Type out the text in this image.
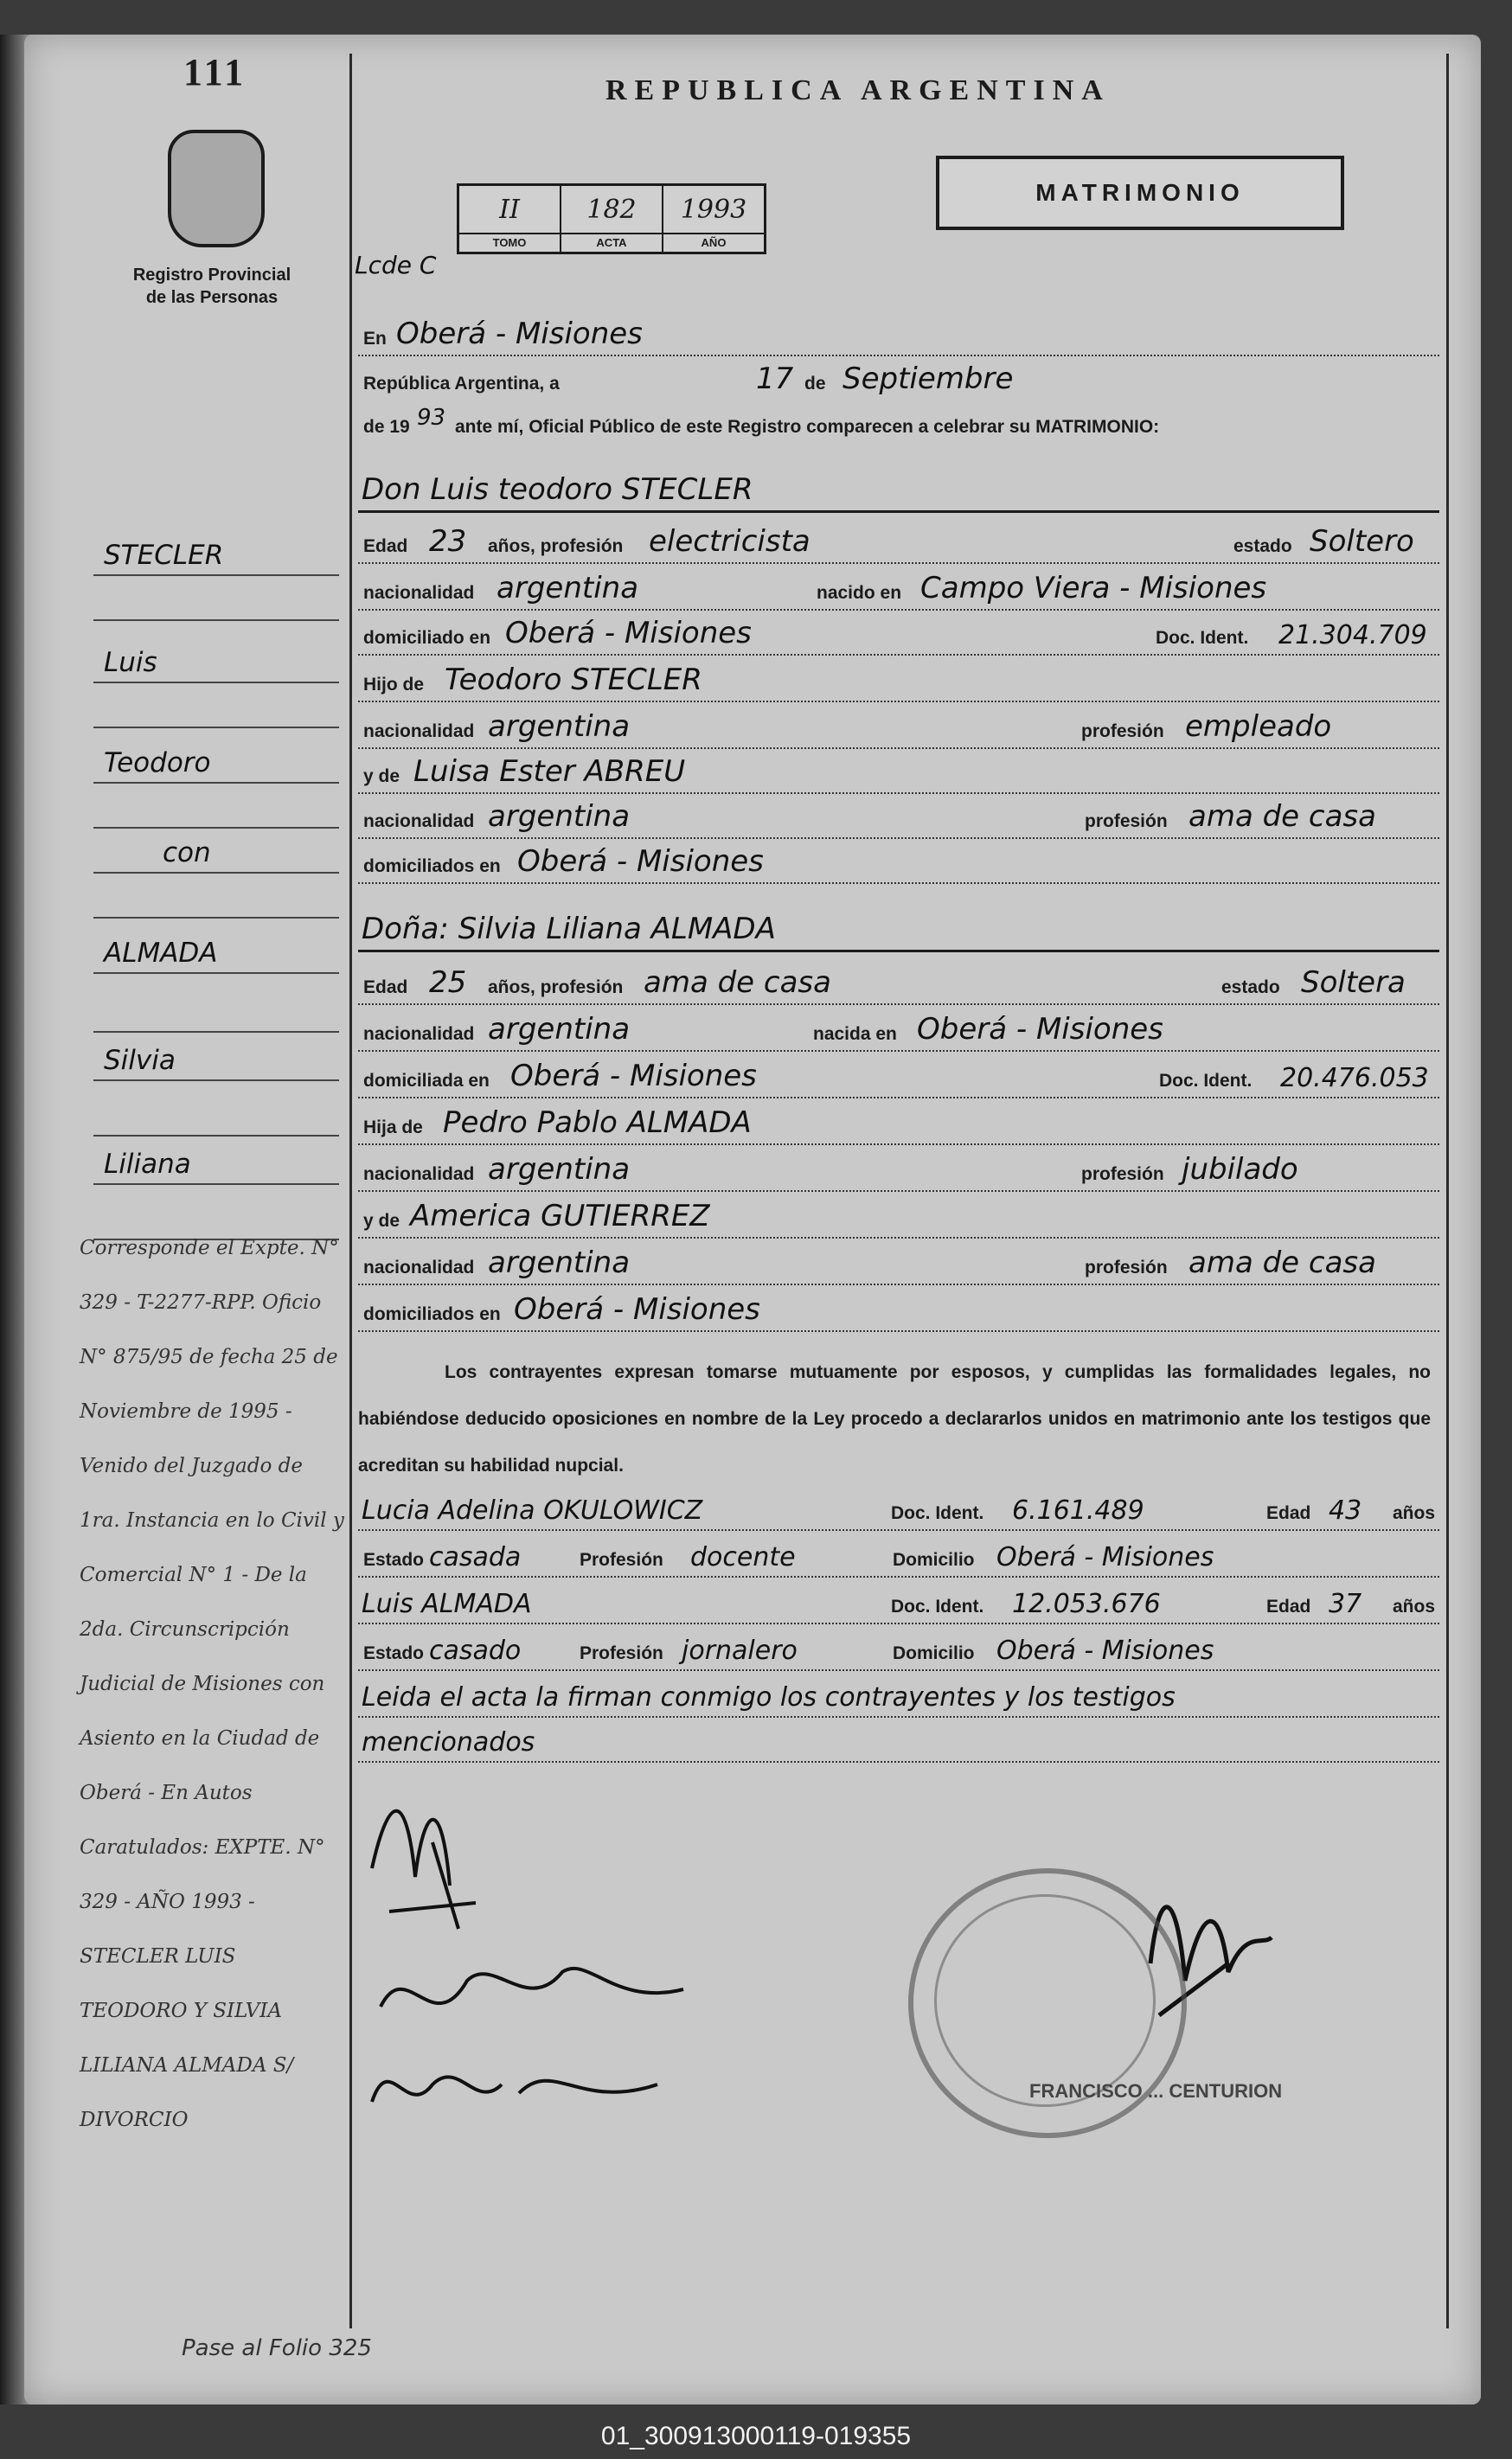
111
Registro Provincial
de las Personas
REPUBLICA ARGENTINA
MATRIMONIO
II
TOMO
182
ACTA
1993
AÑO
Lcde C
En Oberá - Misiones
República Argentina, a	17 de Septiembre
de 19 93 ante mí, Oficial Público de este Registro comparecen a celebrar su MATRIMONIO:
Don Luis teodoro STECLER
Edad 23 años, profesión electricista	estado Soltero
nacionalidad argentina	nacido en Campo Viera - Misiones
domiciliado en Oberá - Misiones	Doc. Ident. 21.304.709
Hijo de Teodoro STECLER
nacionalidad argentina	profesión empleado
y de Luisa Ester ABREU
nacionalidad argentina	profesión ama de casa
domiciliados en Oberá - Misiones
Doña: Silvia Liliana ALMADA
Edad 25 años, profesión ama de casa	estado Soltera
nacionalidad argentina	nacida en Oberá - Misiones
domiciliada en Oberá - Misiones	Doc. Ident. 20.476.053
Hija de Pedro Pablo ALMADA
nacionalidad argentina	profesión jubilado
y de America GUTIERREZ
nacionalidad argentina	profesión ama de casa
domiciliados en Oberá - Misiones
Los contrayentes expresan tomarse mutuamente por esposos, y cumplidas las formalidades legales, no habiéndose deducido oposiciones en nombre de la Ley procedo a declararlos unidos en matrimonio ante los testigos que acreditan su habilidad nupcial.
Lucia Adelina OKULOWICZ	Doc. Ident. 6.161.489	Edad 43 años
Estado casada	Profesión docente	Domicilio Oberá - Misiones
Luis ALMADA	Doc. Ident. 12.053.676	Edad 37 años
Estado casado	Profesión jornalero	Domicilio Oberá - Misiones
Leida el acta la firman conmigo los contrayentes y los testigos
mencionados
FRANCISCO ... CENTURION
STECLER
Luis
Teodoro
con
ALMADA
Silvia
Liliana
Corresponde el Expte. N° 329 - T-2277-RPP. Oficio N° 875/95 de fecha 25 de Noviembre de 1995 - Venido del Juzgado de 1ra. Instancia en lo Civil y Comercial N° 1 - De la 2da. Circunscripción Judicial de Misiones con Asiento en la Ciudad de Oberá - En Autos Caratulados: EXPTE. N° 329 - AÑO 1993 - STECLER LUIS TEODORO Y SILVIA LILIANA ALMADA S/ DIVORCIO
Pase al Folio 325
01_300913000119-019355
